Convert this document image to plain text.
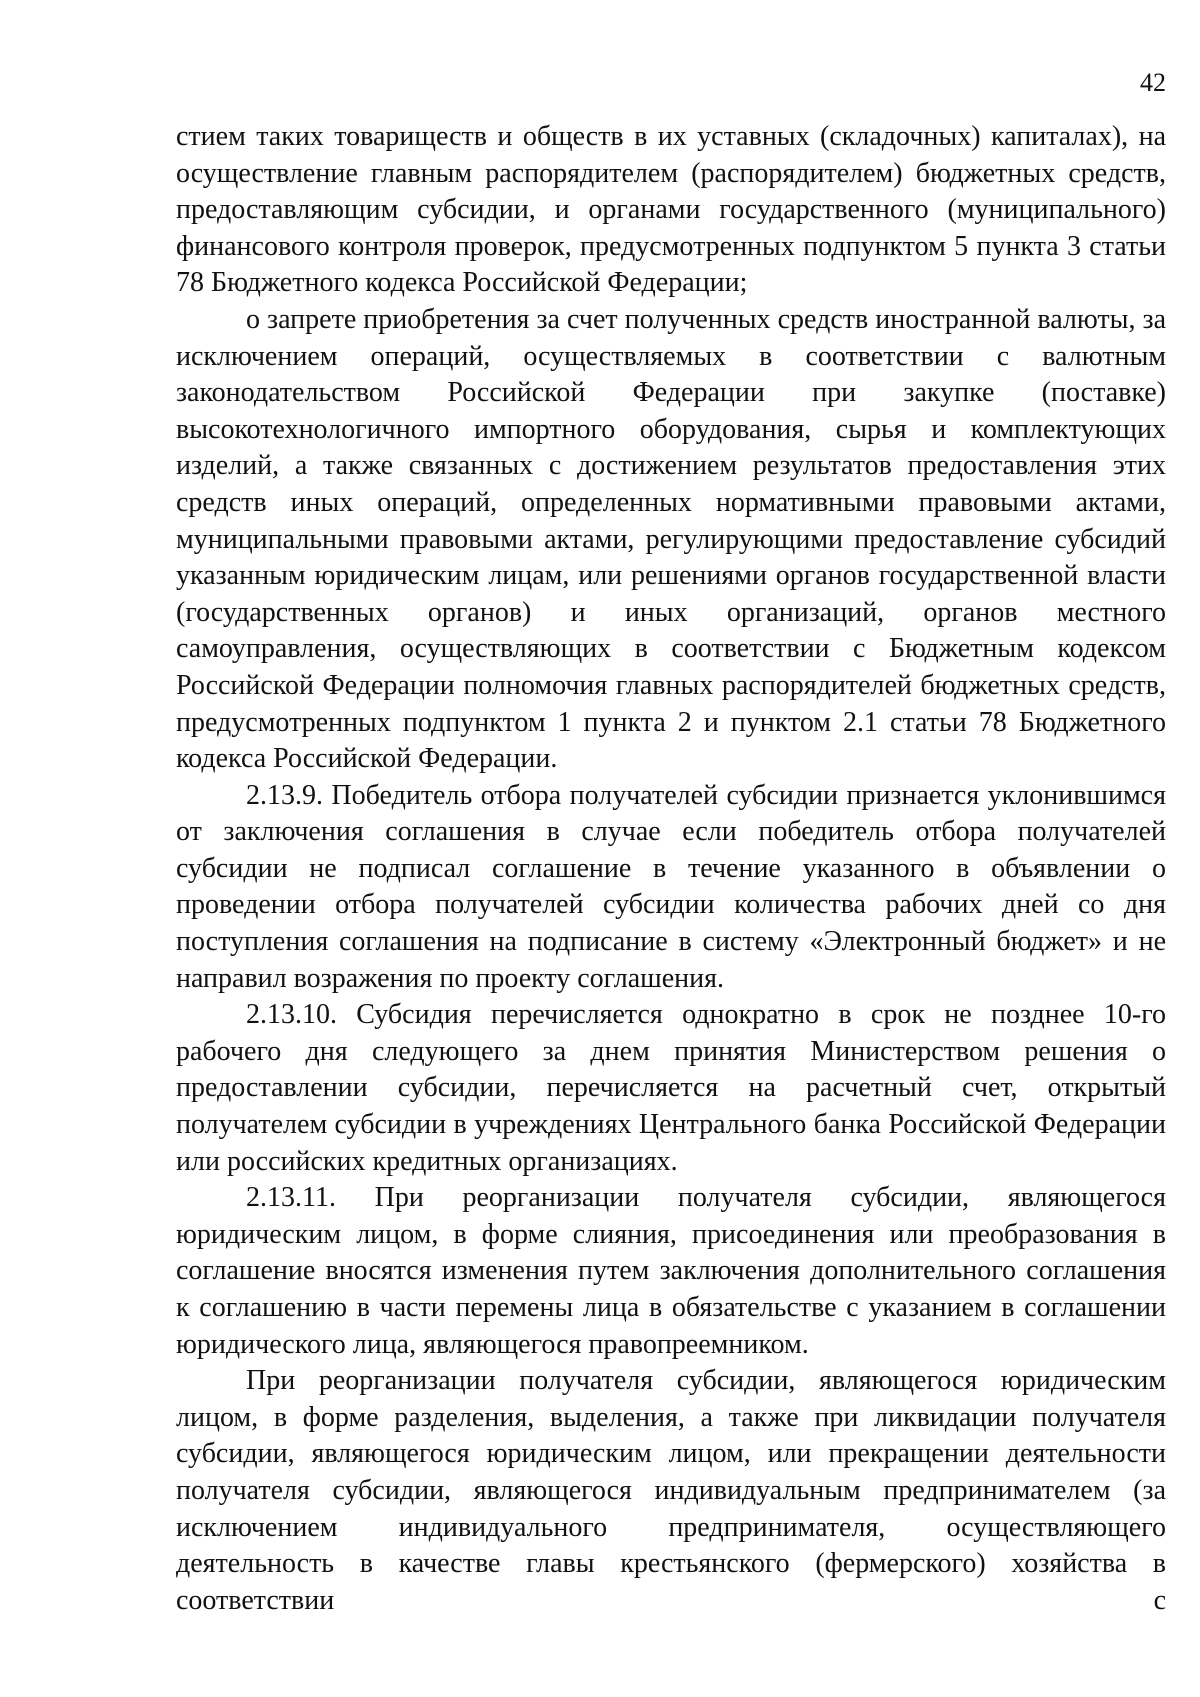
42

стием таких товариществ и обществ в их уставных (складочных) капиталах), на осуществление главным распорядителем (распорядителем) бюджетных средств, предоставляющим субсидии, и органами государственного (муниципального) финансового контроля проверок, предусмотренных подпунктом 5 пункта 3 статьи 78 Бюджетного кодекса Российской Федерации;

о запрете приобретения за счет полученных средств иностранной валюты, за исключением операций, осуществляемых в соответствии с валютным законодательством Российской Федерации при закупке (поставке) высокотехнологичного импортного оборудования, сырья и комплектующих изделий, а также связанных с достижением результатов предоставления этих средств иных операций, определенных нормативными правовыми актами, муниципальными правовыми актами, регулирующими предоставление субсидий указанным юридическим лицам, или решениями органов государственной власти (государственных органов) и иных организаций, органов местного самоуправления, осуществляющих в соответствии с Бюджетным кодексом Российской Федерации полномочия главных распорядителей бюджетных средств, предусмотренных подпунктом 1 пункта 2 и пунктом 2.1 статьи 78 Бюджетного кодекса Российской Федерации.

2.13.9. Победитель отбора получателей субсидии признается уклонившимся от заключения соглашения в случае если победитель отбора получателей субсидии не подписал соглашение в течение указанного в объявлении о проведении отбора получателей субсидии количества рабочих дней со дня поступления соглашения на подписание в систему «Электронный бюджет» и не направил возражения по проекту соглашения.

2.13.10. Субсидия перечисляется однократно в срок не позднее 10-го рабочего дня следующего за днем принятия Министерством решения о предоставлении субсидии, перечисляется на расчетный счет, открытый получателем субсидии в учреждениях Центрального банка Российской Федерации или российских кредитных организациях.

2.13.11. При реорганизации получателя субсидии, являющегося юридическим лицом, в форме слияния, присоединения или преобразования в соглашение вносятся изменения путем заключения дополнительного соглашения к соглашению в части перемены лица в обязательстве с указанием в соглашении юридического лица, являющегося правопреемником.

При реорганизации получателя субсидии, являющегося юридическим лицом, в форме разделения, выделения, а также при ликвидации получателя субсидии, являющегося юридическим лицом, или прекращении деятельности получателя субсидии, являющегося индивидуальным предпринимателем (за исключением индивидуального предпринимателя, осуществляющего деятельность в качестве главы крестьянского (фермерского) хозяйства в соответствии с
